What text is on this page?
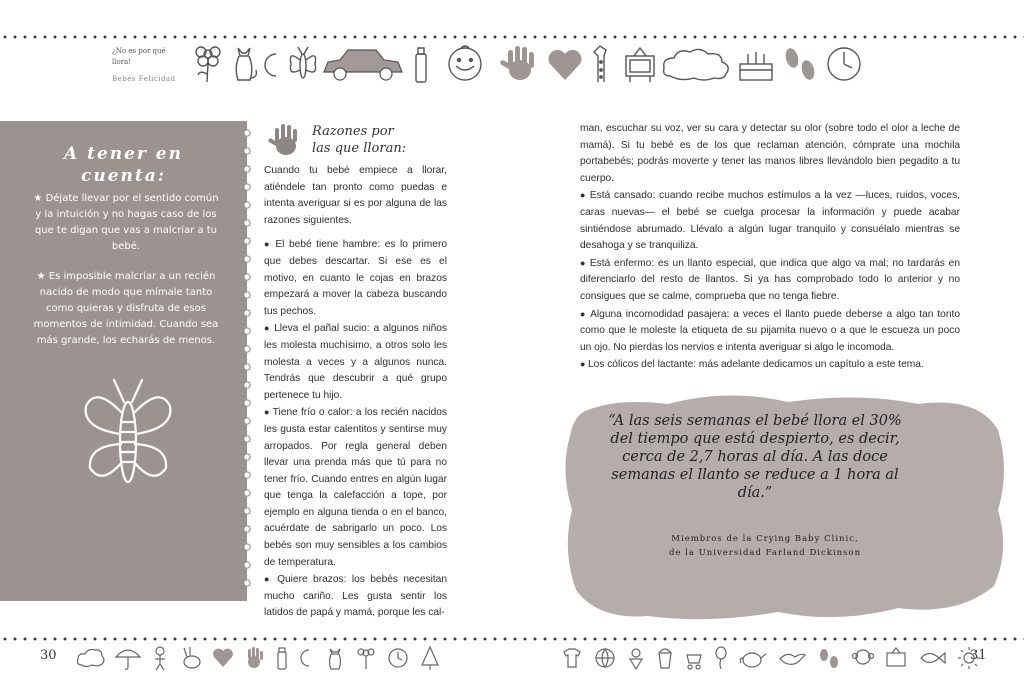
¿No es por qué
llora!
Bebés Felicidad
A tener en
cuenta:
★ Déjate llevar por el sentido común y la intuición y no hagas caso de los que te digan que vas a malcriar a tu bebé.
★ Es imposible malcriar a un recién nacido de modo que mímale tanto como quieras y disfruta de esos momentos de intimidad. Cuando sea más grande, los echarás de menos.
Razones por
las que lloran:

Cuando tu bebé empiece a llorar, atiéndele tan pronto como puedas e intenta averiguar si es por alguna de las razones siguientes.

● El bebé tiene hambre: es lo primero que debes descartar. Si ese es el motivo, en cuanto le cojas en brazos empezará a mover la cabeza buscando tus pechos.

● Lleva el pañal sucio: a algunos niños les molesta muchísimo, a otros solo les molesta a veces y a algunos nunca. Tendrás que descubrir a qué grupo pertenece tu hijo.

● Tiene frío o calor: a los recién nacidos les gusta estar calentitos y sentirse muy arropados. Por regla general deben llevar una prenda más que tú para no tener frío. Cuando entres en algún lugar que tenga la calefacción a tope, por ejemplo en alguna tienda o en el banco, acuérdate de sabrigarlo un poco. Los bebés son muy sensibles a los cambios de temperatura.

● Quiere brazos: los bebés necesitan mucho cariño. Les gusta sentir los latidos de papá y mamá, porque les cal-

man, escuchar su voz, ver su cara y detectar su olor (sobre todo el olor a leche de mamá). Si tu bebé es de los que reclaman atención, cómprate una mochila portabebés; podrás moverte y tener las manos libres llevándolo bien pegadito a tu cuerpo.

● Está cansado: cuando recibe muchos estímulos a la vez —luces, ruidos, voces, caras nuevas— el bebé se cuelga procesar la información y puede acabar sintiéndose abrumado. Llévalo a algún lugar tranquilo y consuélalo mientras se desahoga y se tranquiliza.

● Está enfermo: es un llanto especial, que indica que algo va mal; no tardarás en diferenciarlo del resto de llantos. Si ya has comprobado todo lo anterior y no consigues que se calme, comprueba que no tenga fiebre.

● Alguna incomodidad pasajera: a veces el llanto puede deberse a algo tan tonto como que le moleste la etiqueta de su pijamita nuevo o a que le escueza un poco un ojo. No pierdas los nervios e intenta averiguar si algo le incomoda.

● Los cólicos del lactante: más adelante dedicamos un capítulo a este tema.

“A las seis semanas el bebé llora el 30% del tiempo que está despierto, es decir, cerca de 2,7 horas al día. A las doce semanas el llanto se reduce a 1 hora al día.”
Miembros de la Crying Baby Clinic,
de la Universidad Farland Dickinson
30	31
